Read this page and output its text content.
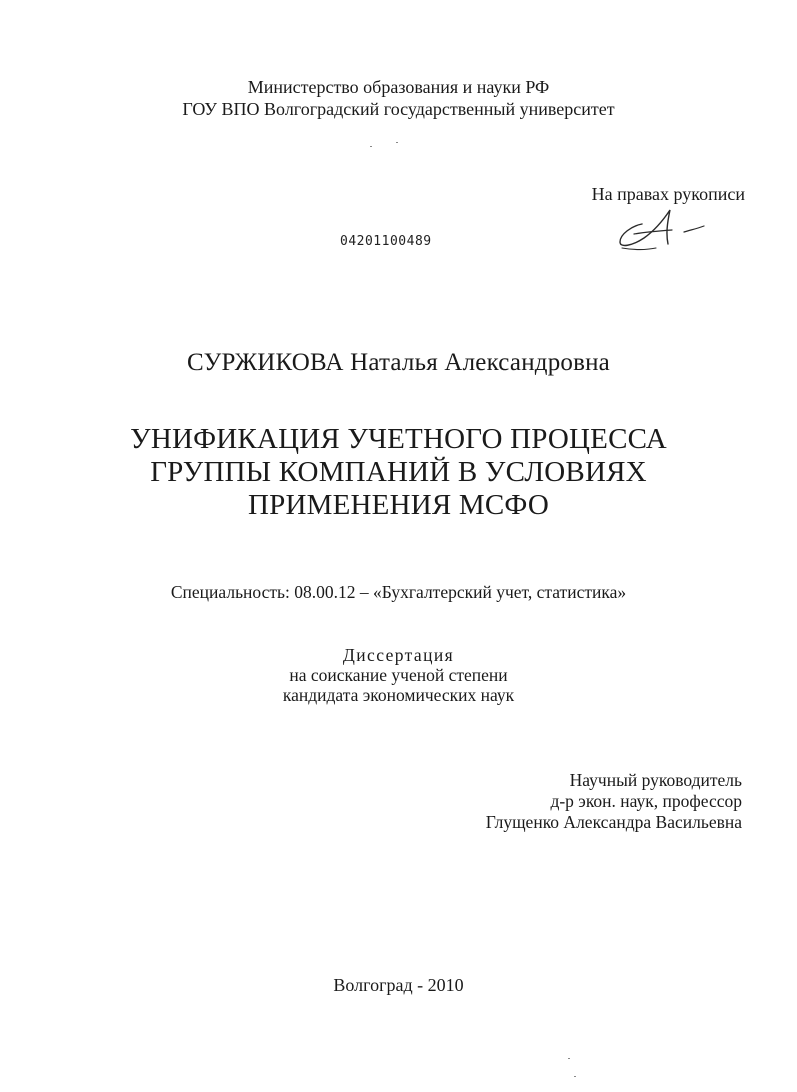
Министерство образования и науки РФ
ГОУ ВПО Волгоградский государственный университет
На правах рукописи
04201100489
СУРЖИКОВА Наталья Александровна
УНИФИКАЦИЯ УЧЕТНОГО ПРОЦЕССА
ГРУППЫ КОМПАНИЙ В УСЛОВИЯХ
ПРИМЕНЕНИЯ МСФО
Специальность: 08.00.12 – «Бухгалтерский учет, статистика»
Диссертация
на соискание ученой степени
кандидата экономических наук
Научный руководитель
д-р экон. наук, профессор
Глущенко Александра Васильевна
Волгоград - 2010
